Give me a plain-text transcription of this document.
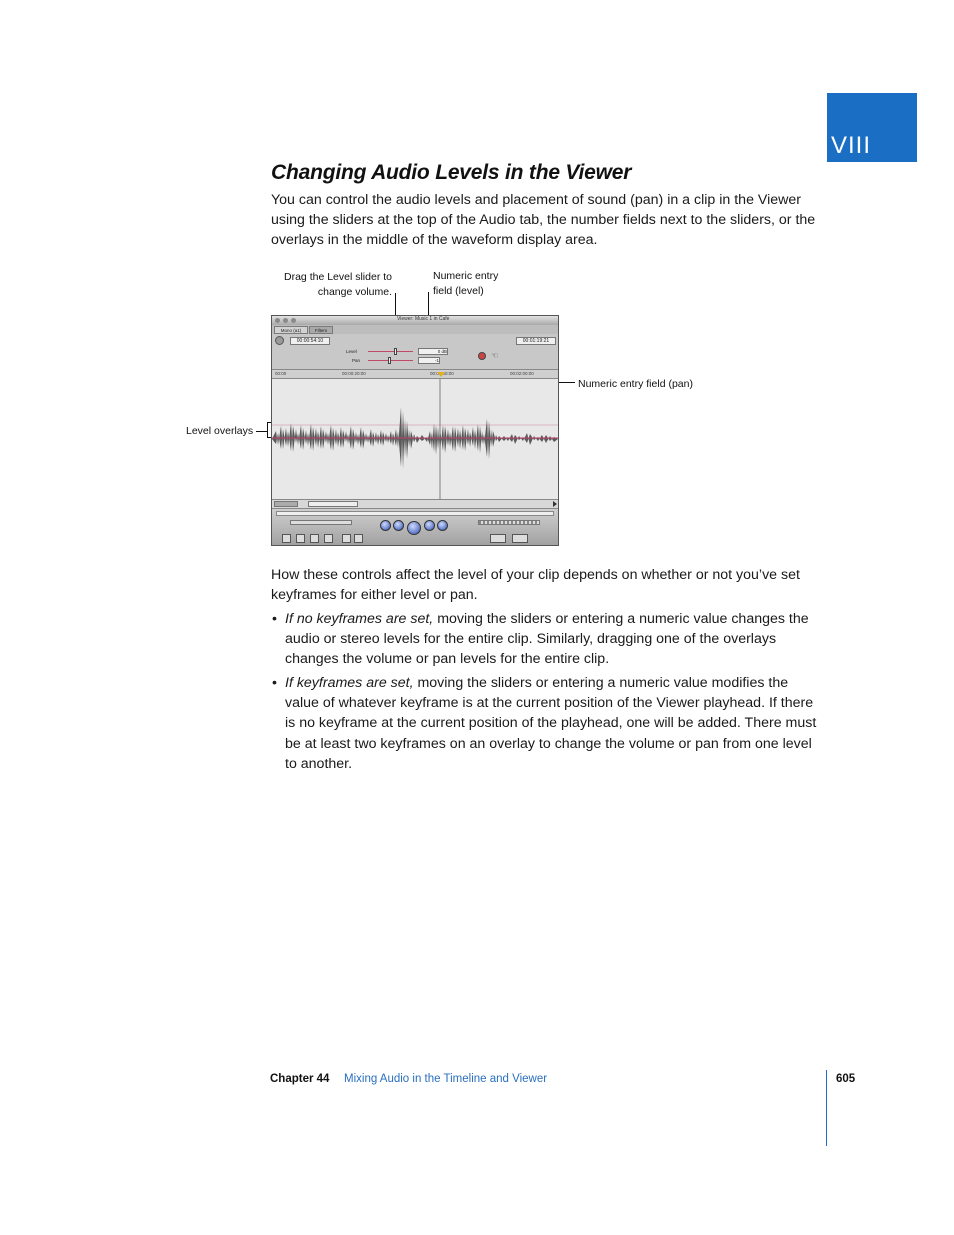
VIII
Changing Audio Levels in the Viewer

You can control the audio levels and placement of sound (pan) in a clip in the Viewer using the sliders at the top of the Audio tab, the number fields next to the sliders, or the overlays in the middle of the waveform display area.

Drag the Level slider to
change volume.
Numeric entry
field (level)
Numeric entry field (pan)
Level overlays
Viewer: Music 1 in Cafe
Mono (a1)	Filters
00:00:54:10	00:01:19:21
Level	0 dB
Pan	-1
☜
00:00	00:00:20:00	00:00:40:00	00:02:00:00

How these controls affect the level of your clip depends on whether or not you’ve set keyframes for either level or pan.

• If no keyframes are set, moving the sliders or entering a numeric value changes the audio or stereo levels for the entire clip. Similarly, dragging one of the overlays changes the volume or pan levels for the entire clip.
• If keyframes are set, moving the sliders or entering a numeric value modifies the value of whatever keyframe is at the current position of the Viewer playhead. If there is no keyframe at the current position of the playhead, one will be added. There must be at least two keyframes on an overlay to change the volume or pan from one level to another.
Chapter 44 Mixing Audio in the Timeline and Viewer	605
